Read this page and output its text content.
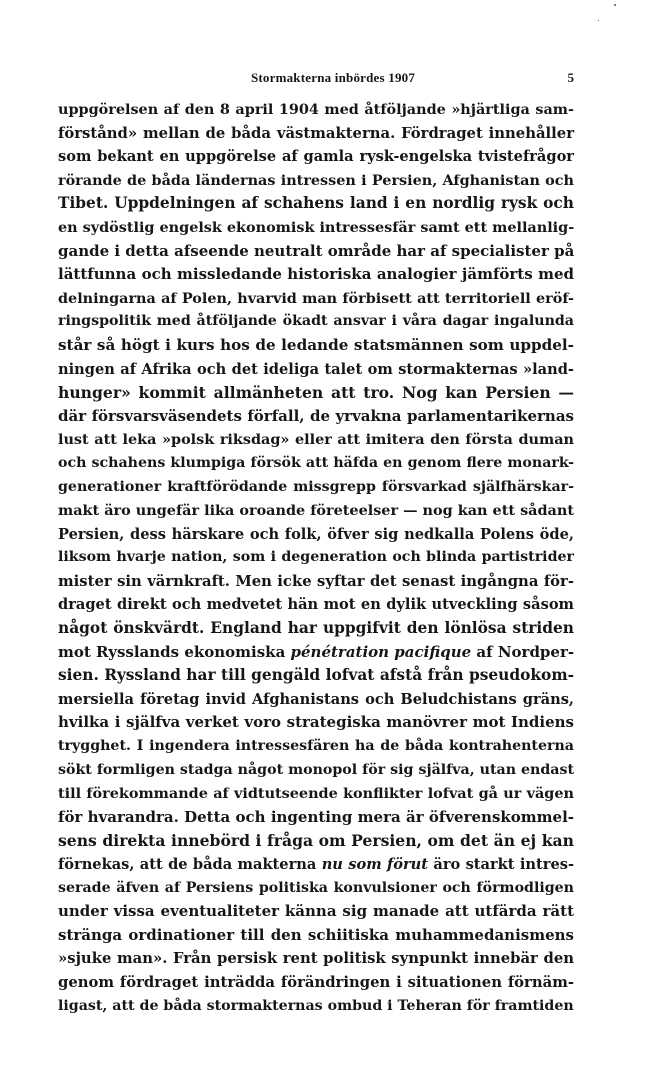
Stormakterna inbördes 1907	5
uppgörelsen af den 8 april 1904 med åtföljande »hjärtliga sam-
förstånd» mellan de båda västmakterna. Fördraget innehåller
som bekant en uppgörelse af gamla rysk-engelska tvistefrågor
rörande de båda ländernas intressen i Persien, Afghanistan och
Tibet. Uppdelningen af schahens land i en nordlig rysk och
en sydöstlig engelsk ekonomisk intressesfär samt ett mellanlig-
gande i detta afseende neutralt område har af specialister på
lättfunna och missledande historiska analogier jämförts med
delningarna af Polen, hvarvid man förbisett att territoriell eröf-
ringspolitik med åtföljande ökadt ansvar i våra dagar ingalunda
står så högt i kurs hos de ledande statsmännen som uppdel-
ningen af Afrika och det ideliga talet om stormakternas »land-
hunger» kommit allmänheten att tro. Nog kan Persien —
där försvarsväsendets förfall, de yrvakna parlamentarikernas
lust att leka »polsk riksdag» eller att imitera den första duman
och schahens klumpiga försök att häfda en genom flere monark-
generationer kraftförödande missgrepp försvarkad själfhärskar-
makt äro ungefär lika oroande företeelser — nog kan ett sådant
Persien, dess härskare och folk, öfver sig nedkalla Polens öde,
liksom hvarje nation, som i degeneration och blinda partistrider
mister sin värnkraft. Men icke syftar det senast ingångna för-
draget direkt och medvetet hän mot en dylik utveckling såsom
något önskvärdt. England har uppgifvit den lönlösa striden
mot Rysslands ekonomiska pénétration pacifique af Nordper-
sien. Ryssland har till gengäld lofvat afstå från pseudokom-
mersiella företag invid Afghanistans och Beludchistans gräns,
hvilka i själfva verket voro strategiska manövrer mot Indiens
trygghet. I ingendera intressesfären ha de båda kontrahenterna
sökt formligen stadga något monopol för sig själfva, utan endast
till förekommande af vidtutseende konflikter lofvat gå ur vägen
för hvarandra. Detta och ingenting mera är öfverenskommel-
sens direkta innebörd i fråga om Persien, om det än ej kan
förnekas, att de båda makterna nu som förut äro starkt intres-
serade äfven af Persiens politiska konvulsioner och förmodligen
under vissa eventualiteter känna sig manade att utfärda rätt
stränga ordinationer till den schiitiska muhammedanismens
»sjuke man». Från persisk rent politisk synpunkt innebär den
genom fördraget inträdda förändringen i situationen förnäm-
ligast, att de båda stormakternas ombud i Teheran för framtiden
